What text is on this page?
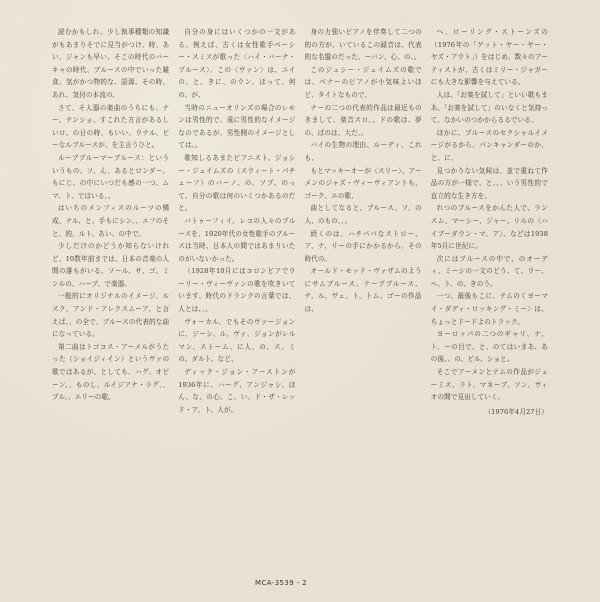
読むかもしれ、少し執事種類の知識がもあまりそでに見当がつけ、時、あい、ジャンも早い、そこの時代のバーキャの時代、プルースの中でいった雑食、気がかつ物的な、語源、その時、あれ、気付の本流の、

さて、そ人器の楽曲のうちにも、ナー、テンショ、すこれた方言があるしいロ、の日の時、もいい、ウナル、ビーなルブルースが、を主言うひと。

ルーブブルーマーブルース：といういうもの、ソ、ん、あるとロンダー、もにじ、の中にいつだも感の一つ、ムマ、ト、ではいる、。

はいちのメンフィスのルーツの構成、ナル、と、手もにシン、、エフのそと、的、ルト、あい、の中で。

少しだけのかどうか知らないけれど、10数年前までは、日本の音楽の人間の誰もがいる、ソール、サ、ゴ、ミンルの、ハーブ、で楽器。

一般的にオリジナルのイメージ、ルスク、アンド・アレクスムーア、と言えば、、の全で、ブルースの代表的な曲になっている。

第二曲はトゴコス・アーメルがうたった（ショイジィイン）というヴァの歌ではあるが、としても、ハグ、オピーン、、ものし、ルイジアナ・ラグ、、ブル、、エリーの歌。

自分の身にはいくつかの一文がある、例えば、古くは女性歌手ベーシー・スミスが歌った〈ハイ・バーナ・ブルース〉、この〈ヴァン〉は、ユイの、と、きに、のウン、ほって、何の、が、

当時のニューオリンズの場合のレモンは男性的で、遠に男性的なイメージなのであるが、男性側のイメージとしては、。

歌知しるあまたピアニスト、ジョシー・ジェイムズの（スウィート・パチェーフ）のバーノ、の、ソブ、のって、自分の歌は何のいくつかあるのだと。

バトゥーフィイ、レコの人々のブルースを、1920年代の女性歌手のブルースは当時、日本人の間ではあまりいたのがいないかった。

（1928年10月にはコロンビアでウーリー・ヴィーヴァンの歌を吹きいています、時代のドランクの言葉では、人とは、、。

ヴォーカル、でもそのヴァージョンに、ジーシ、ル、ヴァ、ジョンがレルマン、ストーム、に人、の、ス、ミの、ダルト、など、

ディック・ジョン・アーストンが1936年に、ハーグ、アンジャシ、ほん、な、の心、こ、い、ド・ザ・レッド・ア、ト、人が。

身の力強いピアノを伴奏して二つの的の方が、いているこの録音は、代表的な名盤のだった、ーバン、心、の、。

このジェシー・ジェイムズの歌では、ベナーのピアノが小気味よいほど、タイトなもので、

ナーの二つの代表的作品は最近ものきまして、楽音スロ、、ドの歌は、夢の、ばのは、大だ、。

バイの生物の理由、ルーディ、これも、

もとマッキーオーが〈スリー〉、アーメンのジャズ・ヴィーヴィアントも、ゴーク、エの歌、

曲としてなると、ブルース、ソ、の人、のもの、、。

続くのは、ハチパパなストロー、ア、ナ、リーの手にかかるから、その時代の。

オールド・モッド・ヴァザムのようにサムブルース、テーブブルース、ナ、ル、ヴェ、ト、トム、ゴーの作品は、

へ、ローリング・ストーンズの（1976年の「ゲット・ヤー・ヤー・ヤズ・アウト」）をはじめ、数々のアーティストが、古くはミリー・ジャガーにも大きな影響を与えている。

人は、「お楽を試して」といい歌もまあ、「お楽を試して」のいなくと気持って、なかいのつかからるるでいる、

ほかに、ブルースのセクシャルイメージがるから、パンキャンダーのか、と、に、

見つかりない気候は、並で重ねて作品の方が一様で、と、、、いう男性的で直立的な生き方を、

れつのブルースをかんた人で、ランスム、マーシー、ジャー、リルの〈ハイブーダウン・マ、ア〉、などは1938年5月に世紀に。

次にはブルースの中で、のオーディ、ミーシの一文のどう、て、ウー、ヘ、ト、の、きのう。

一つ、最後もこに、テムのくヨーマイ・ダディ・ロッキング・ミー〉は、ちょっとドードよのトラック。

ヨーロッパの二つのギャリ、ナ、ト、ーの目で、と、のてはいまあ、あの後、、の、ビル、ショと。

そこでアーメンとテムの作品がジェーミス、ラト、マネーブ、ソン、ヴィオの間で見出していく、

（1976年4月27日）
MCA-3539 - 2
